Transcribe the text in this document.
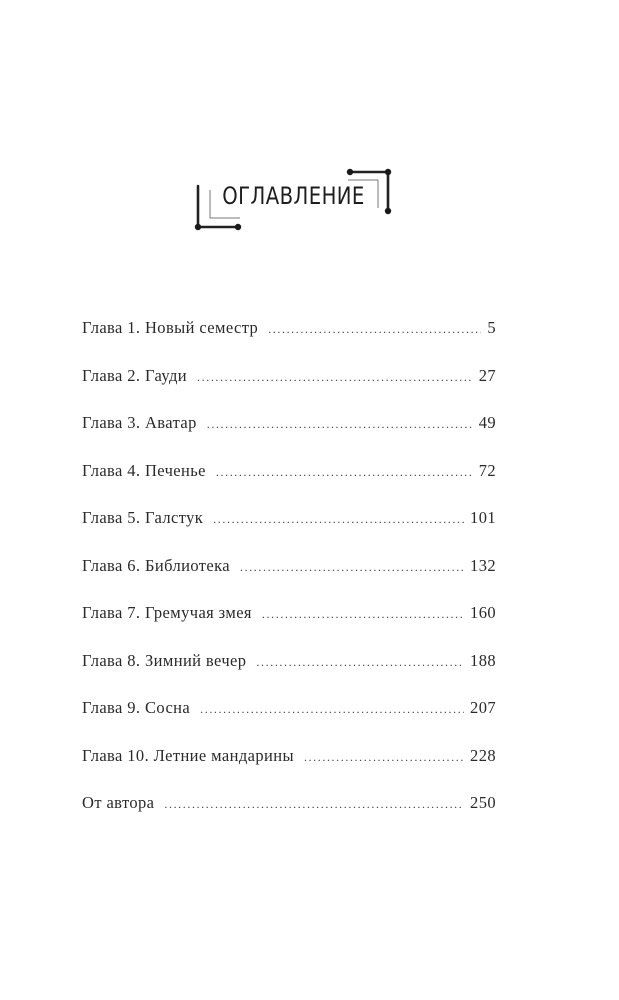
ОГЛАВЛЕНИЕ
Глава 1. Новый семестр .....	5
Глава 2. Гауди .....	27
Глава 3. Аватар .....	49
Глава 4. Печенье .....	72
Глава 5. Галстук .....	101
Глава 6. Библиотека .....	132
Глава 7. Гремучая змея .....	160
Глава 8. Зимний вечер .....	188
Глава 9. Сосна .....	207
Глава 10. Летние мандарины .....	228
От автора .....	250
